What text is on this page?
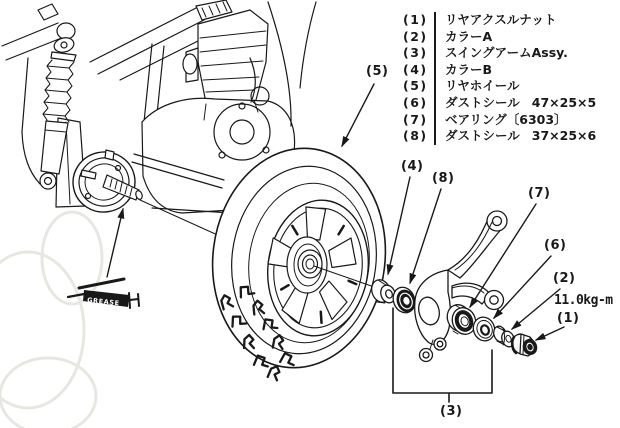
GREASE
(1)	リヤアクスルナット
(2)	カラーA
(3)	スイングアームAssy.
(4)	カラーB
(5)	リヤホイール
(6)	ダストシール 47×25×5
(7)	ベアリング〔6303〕
(8)	ダストシール 37×25×6
(5)
(4)
(8)
(7)
(6)
(2)
(1)
(3)
11.0kg-m
